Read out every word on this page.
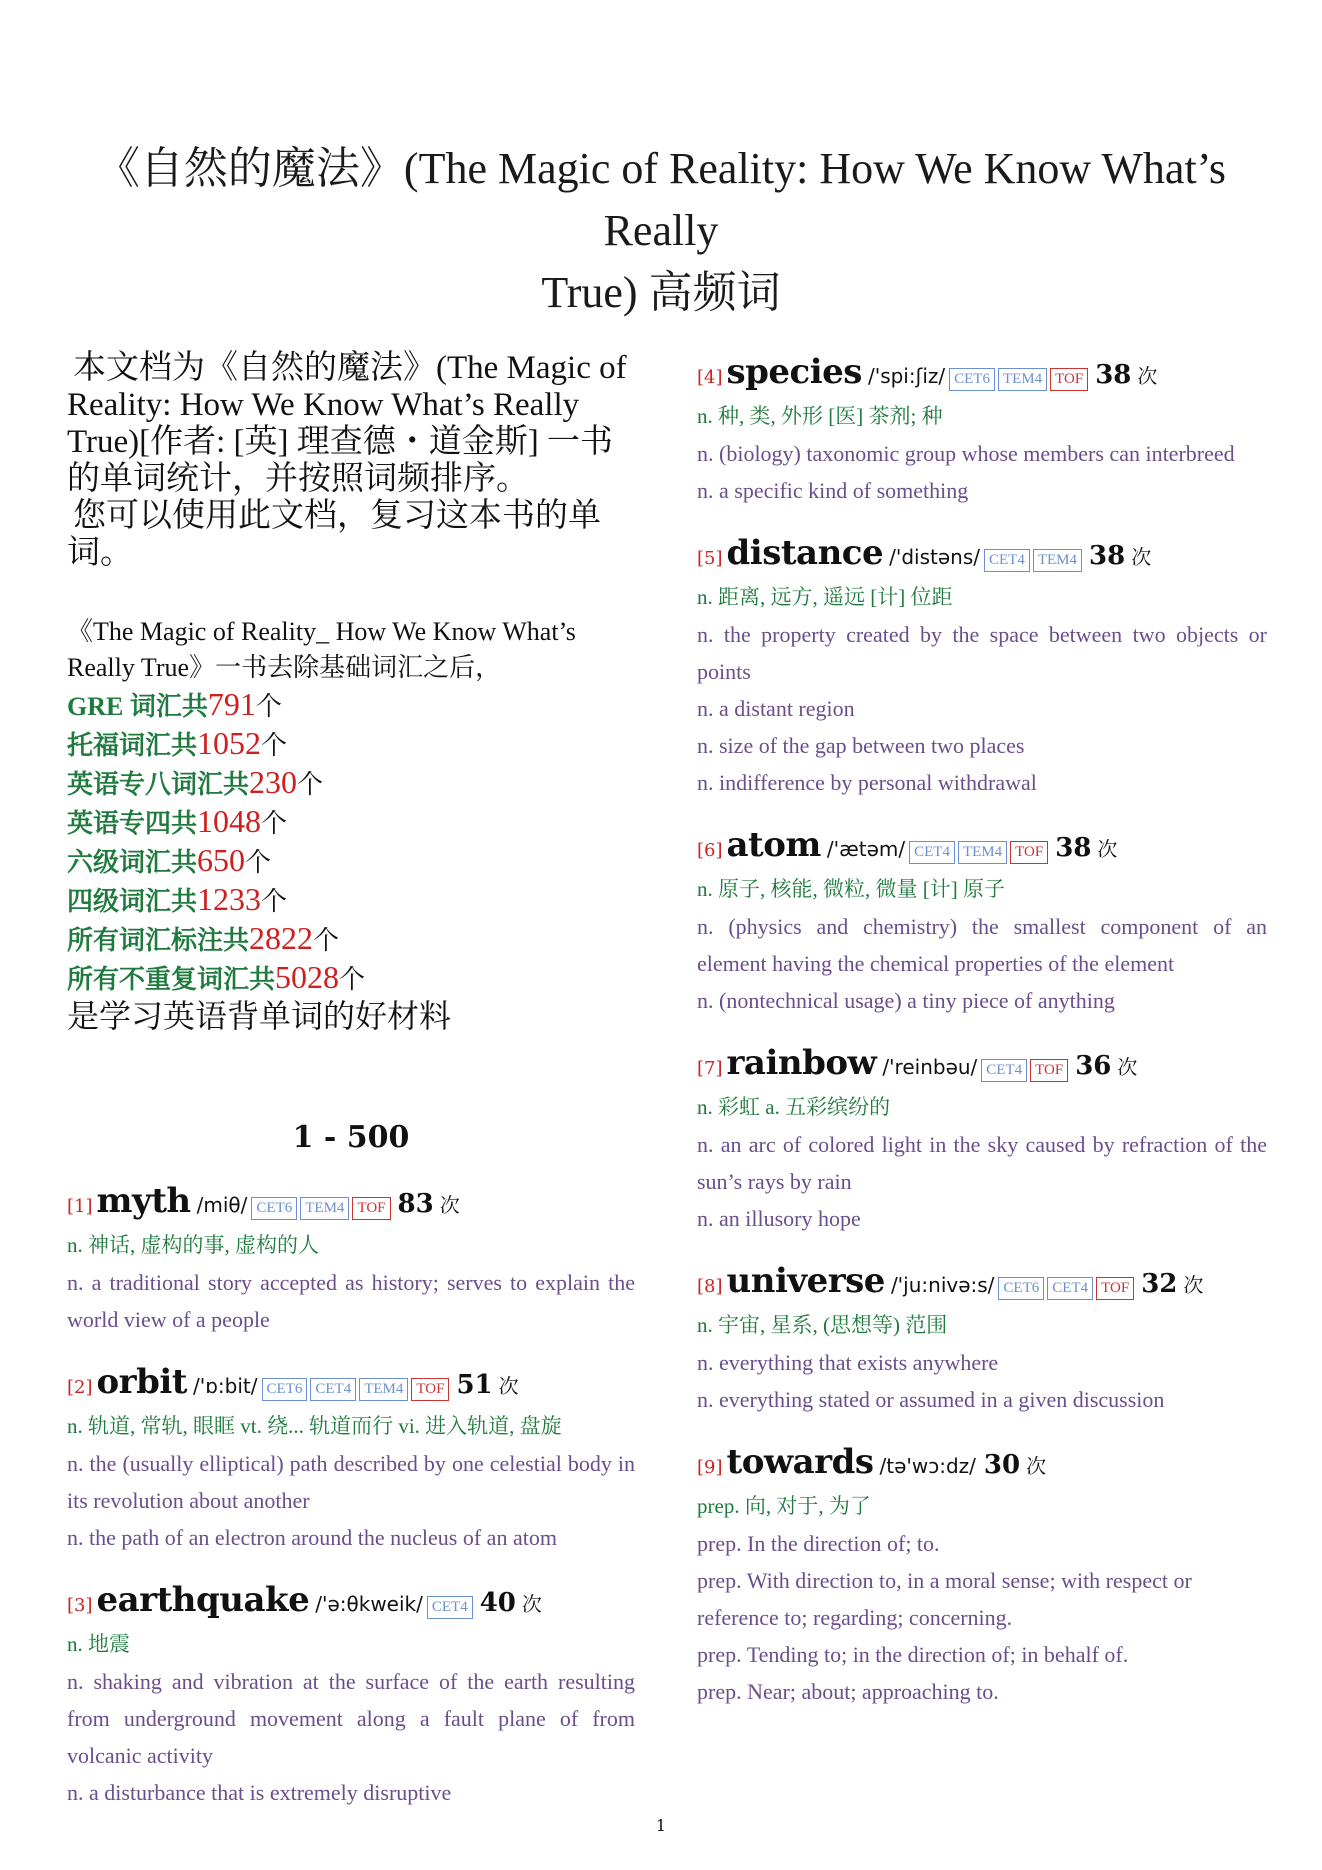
《自然的魔法》(The Magic of Reality: How We Know What’s Really
True) 高频词

本文档为《自然的魔法》(The Magic of Reality: How We Know What’s Really True)[作者: [英] 理查德・道金斯] 一书的单词统计，并按照词频排序。

您可以使用此文档，复习这本书的单词。

《The Magic of Reality_ How We Know What’s Really True》一书去除基础词汇之后，
GRE 词汇共791个
托福词汇共1052个
英语专八词汇共230个
英语专四共1048个
六级词汇共650个
四级词汇共1233个
所有词汇标注共2822个
所有不重复词汇共5028个
是学习英语背单词的好材料
1 - 500
[1] myth /miθ/ CET6 TEM4 TOF 83 次
n. 神话, 虚构的事, 虚构的人
n. a traditional story accepted as history; serves to explain the world view of a people
[2] orbit /'ɒ:bit/ CET6 CET4 TEM4 TOF 51 次
n. 轨道, 常轨, 眼眶 vt. 绕... 轨道而行 vi. 进入轨道, 盘旋
n. the (usually elliptical) path described by one celestial body in its revolution about another
n. the path of an electron around the nucleus of an atom
[3] earthquake /'ə:θkweik/ CET4 40 次
n. 地震
n. shaking and vibration at the surface of the earth resulting from underground movement along a fault plane of from volcanic activity
n. a disturbance that is extremely disruptive
[4] species /'spi:ʃiz/ CET6 TEM4 TOF 38 次
n. 种, 类, 外形 [医] 茶剂; 种
n. (biology) taxonomic group whose members can interbreed
n. a specific kind of something
[5] distance /'distəns/ CET4 TEM4 38 次
n. 距离, 远方, 遥远 [计] 位距
n. the property created by the space between two objects or points
n. a distant region
n. size of the gap between two places
n. indifference by personal withdrawal
[6] atom /'ætəm/ CET4 TEM4 TOF 38 次
n. 原子, 核能, 微粒, 微量 [计] 原子
n. (physics and chemistry) the smallest component of an element having the chemical properties of the element
n. (nontechnical usage) a tiny piece of anything
[7] rainbow /'reinbəu/ CET4 TOF 36 次
n. 彩虹 a. 五彩缤纷的
n. an arc of colored light in the sky caused by refraction of the sun’s rays by rain
n. an illusory hope
[8] universe /'ju:nivə:s/ CET6 CET4 TOF 32 次
n. 宇宙, 星系, (思想等) 范围
n. everything that exists anywhere
n. everything stated or assumed in a given discussion
[9] towards /tə'wɔ:dz/ 30 次
prep. 向, 对于, 为了
prep. In the direction of; to.
prep. With direction to, in a moral sense; with respect or
reference to; regarding; concerning.
prep. Tending to; in the direction of; in behalf of.
prep. Near; about; approaching to.
1
